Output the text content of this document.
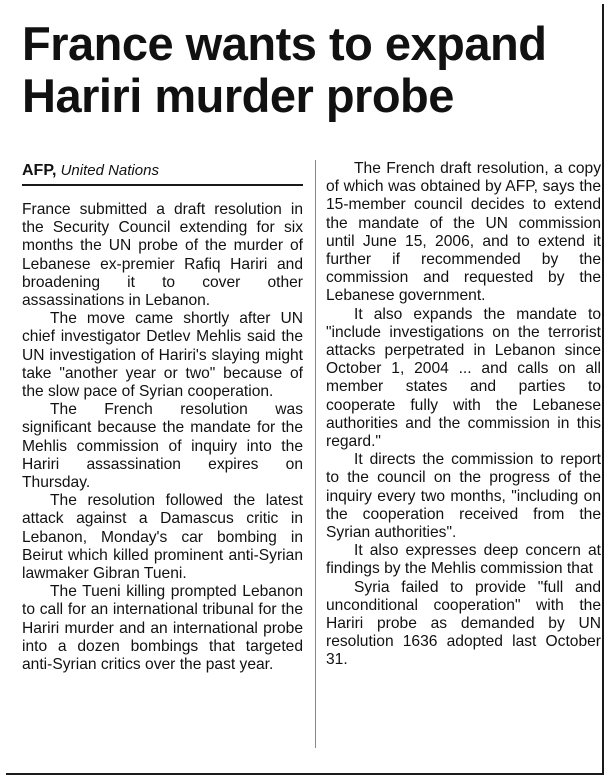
France wants to expand
Hariri murder probe
AFP, United Nations

France submitted a draft resolution in the Security Council extending for six months the UN probe of the murder of Lebanese ex-premier Rafiq Hariri and broadening it to cover other assassinations in Lebanon.

The move came shortly after UN chief investigator Detlev Mehlis said the UN investigation of Hariri's slaying might take "another year or two" because of the slow pace of Syrian cooperation.

The French resolution was significant because the mandate for the Mehlis commission of inquiry into the Hariri assassination expires on Thursday.

The resolution followed the latest attack against a Damascus critic in Lebanon, Monday's car bombing in Beirut which killed prominent anti-Syrian lawmaker Gibran Tueni.

The Tueni killing prompted Lebanon to call for an international tribunal for the Hariri murder and an international probe into a dozen bombings that targeted anti-Syrian critics over the past year.

The French draft resolution, a copy of which was obtained by AFP, says the 15-member council decides to extend the mandate of the UN commission until June 15, 2006, and to extend it further if recommended by the commission and requested by the Lebanese government.

It also expands the mandate to "include investigations on the terrorist attacks perpetrated in Lebanon since October 1, 2004 ... and calls on all member states and parties to cooperate fully with the Lebanese authorities and the commission in this regard."

It directs the commission to report to the council on the progress of the inquiry every two months, "including on the cooperation received from the Syrian authorities".

It also expresses deep concern at findings by the Mehlis commission that

Syria failed to provide "full and unconditional cooperation" with the Hariri probe as demanded by UN resolution 1636 adopted last October 31.
